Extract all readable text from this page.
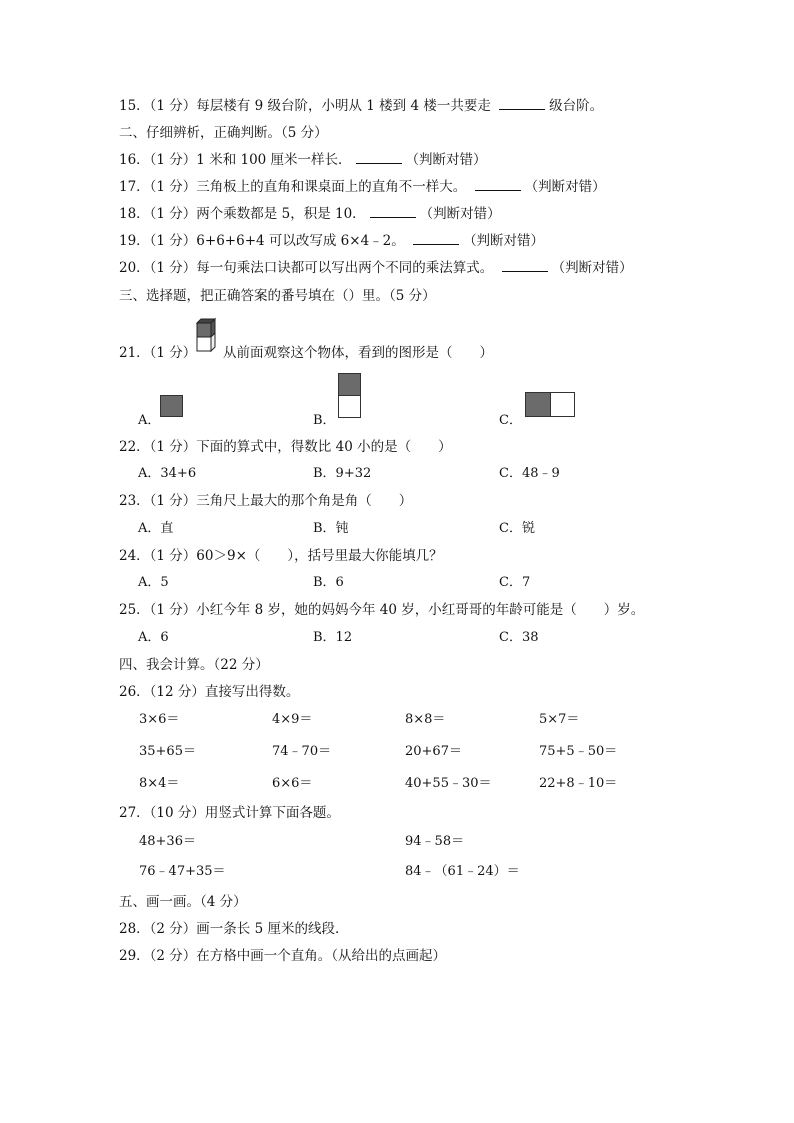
15．（1 分）每层楼有 9 级台阶，小明从 1 楼到 4 楼一共要走	级台阶。
二、仔细辨析，正确判断。（5 分）
16．（1 分）1 米和 100 厘米一样长．	（判断对错）
17．（1 分）三角板上的直角和课桌面上的直角不一样大。	（判断对错）
18．（1 分）两个乘数都是 5，积是 10．	（判断对错）
19．（1 分）6+6+6+4 可以改写成 6×4﹣2。	（判断对错）
20．（1 分）每一句乘法口诀都可以写出两个不同的乘法算式。	（判断对错）
三、选择题，把正确答案的番号填在（）里。（5 分）
21．（1 分） 从前面观察这个物体，看到的图形是（　　）
A．	B．	C．
22．（1 分）下面的算式中，得数比 40 小的是（　　）
A．34+6	B．9+32	C．48﹣9
23．（1 分）三角尺上最大的那个角是角（　　）
A．直	B．钝	C．锐
24．（1 分）60＞9×（　　），括号里最大你能填几？
A．5	B．6	C．7
25．（1 分）小红今年 8 岁，她的妈妈今年 40 岁，小红哥哥的年龄可能是（　　）岁。
A．6	B．12	C．38
四、我会计算。（22 分）
26．（12 分）直接写出得数。
3×6＝	4×9＝	8×8＝	5×7＝
35+65＝	74﹣70＝	20+67＝	75+5﹣50＝
8×4＝	6×6＝	40+55﹣30＝	22+8﹣10＝
27．（10 分）用竖式计算下面各题。
48+36＝	94﹣58＝
76﹣47+35＝	84﹣（61﹣24）＝
五、画一画。（4 分）
28．（2 分）画一条长 5 厘米的线段．
29．（2 分）在方格中画一个直角。（从给出的点画起）
